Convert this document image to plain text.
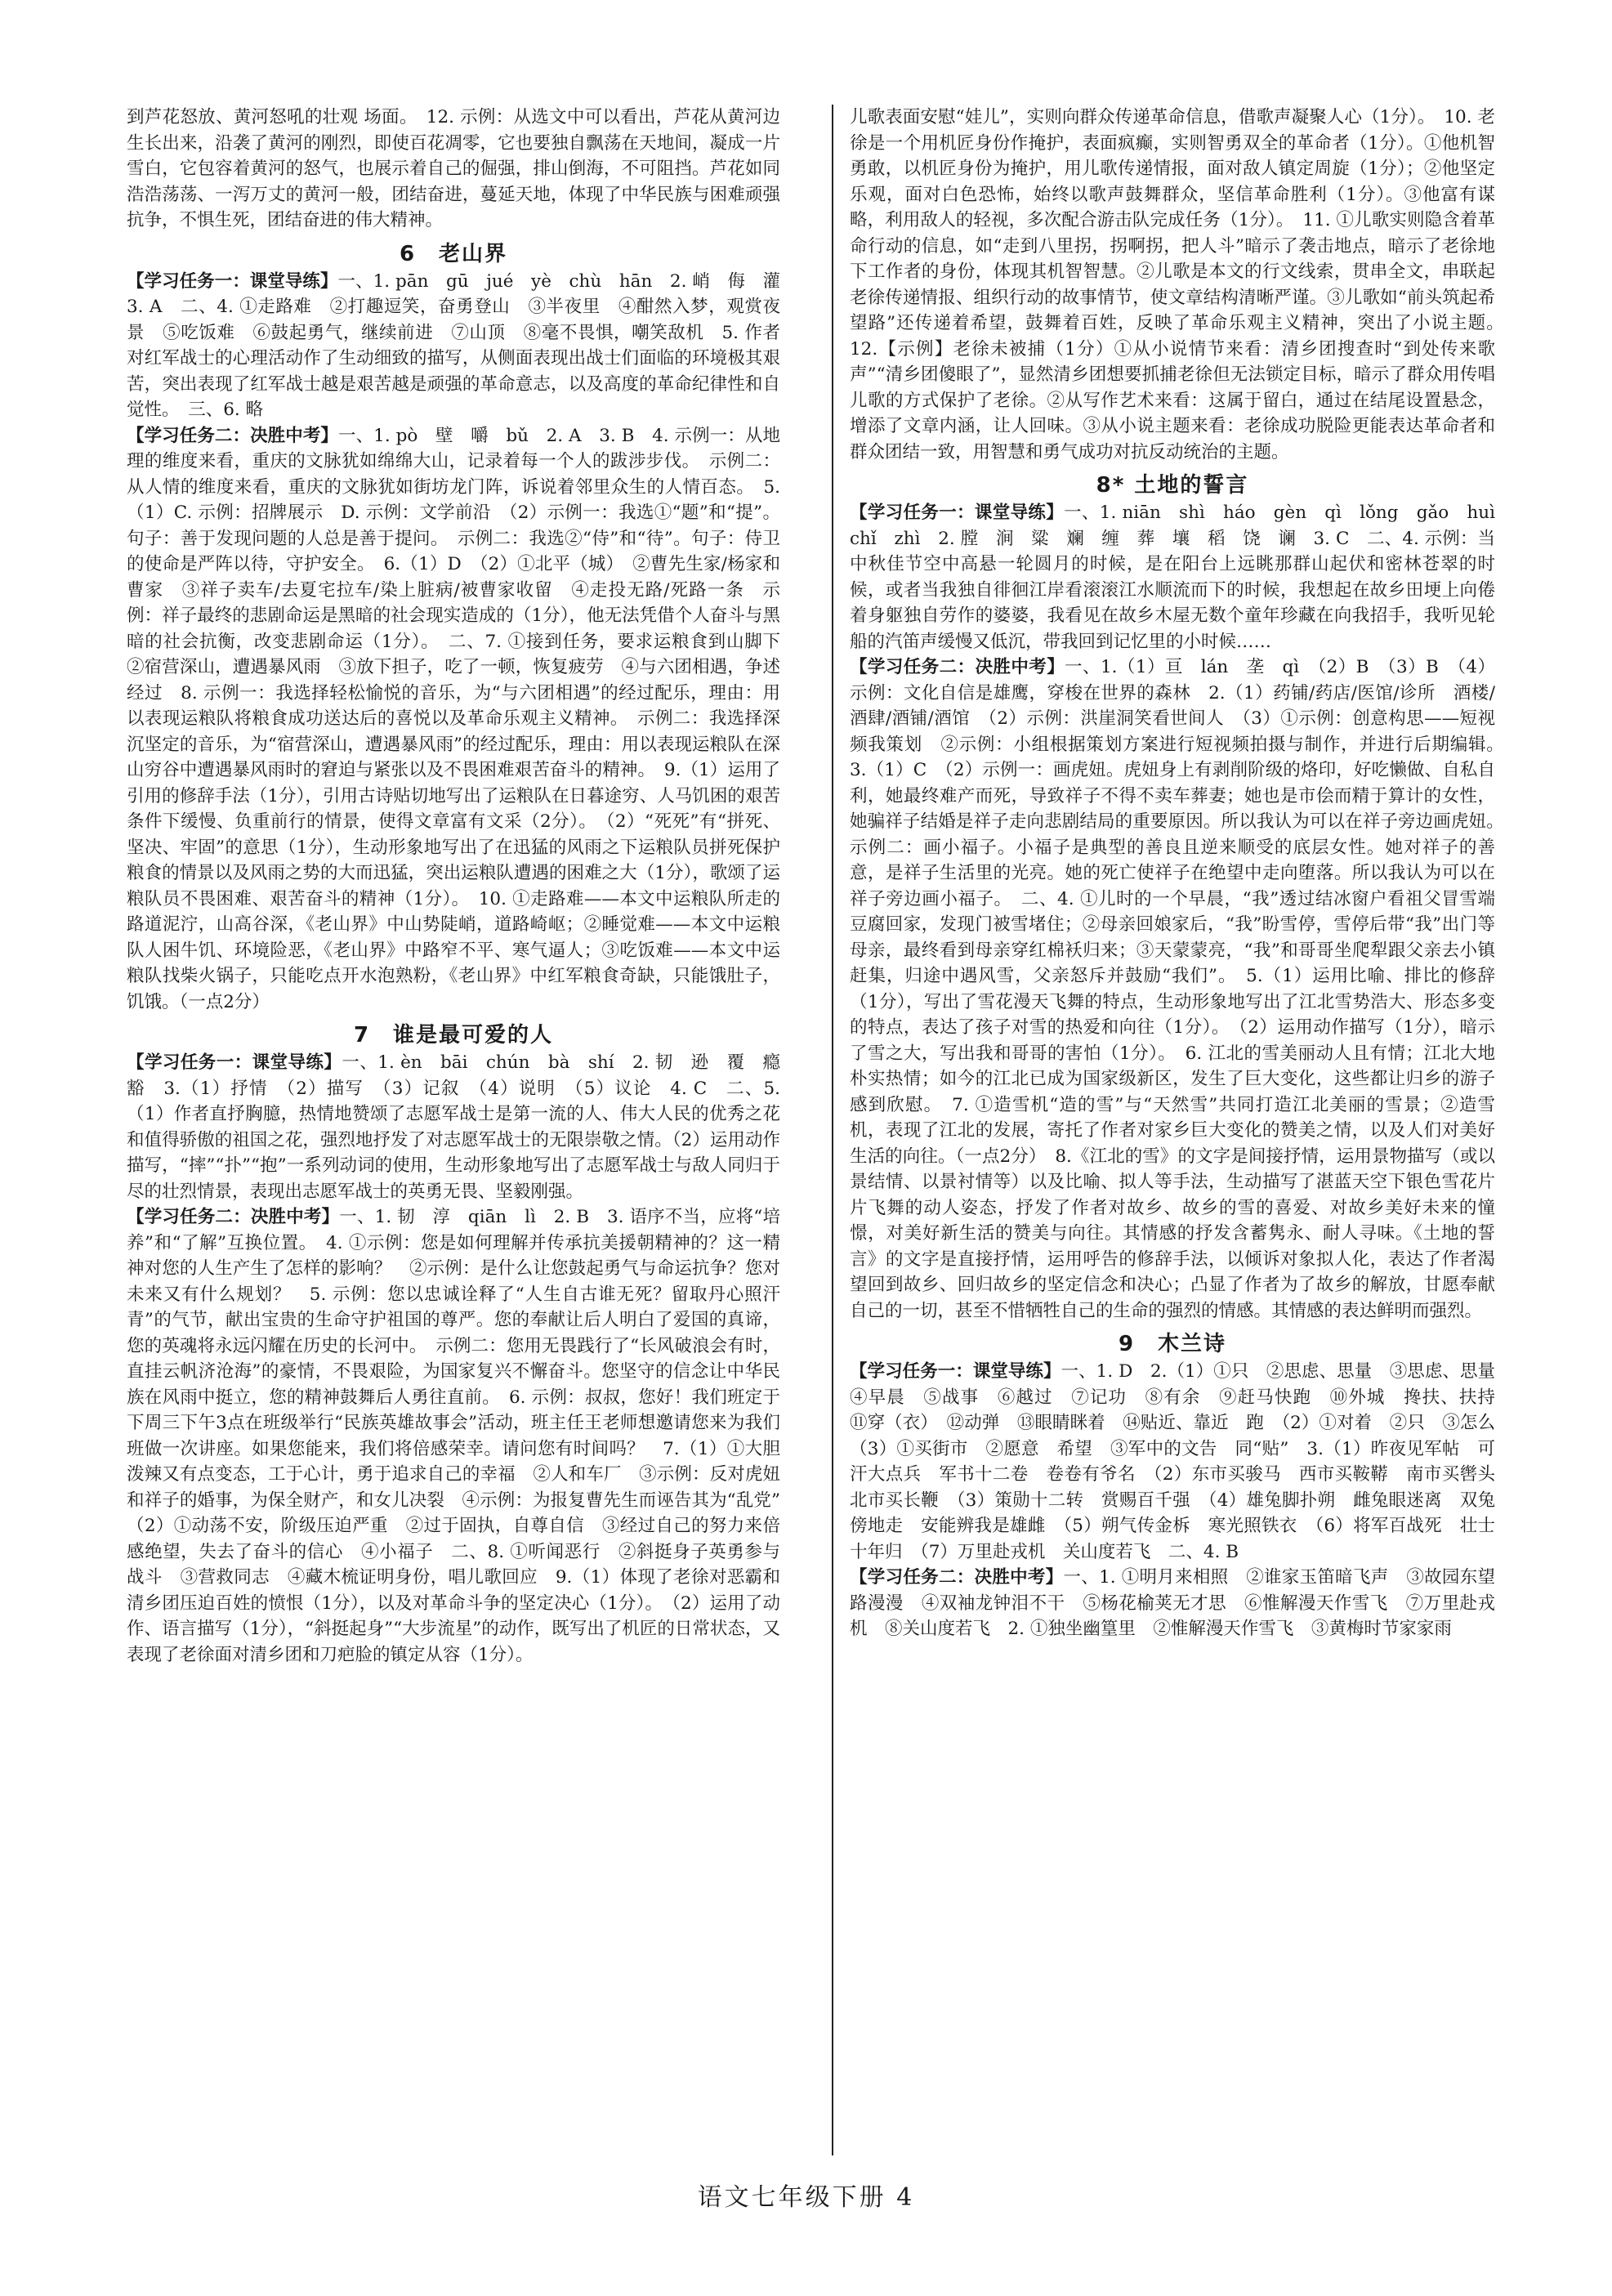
到芦花怒放、黄河怒吼的壮观 场面。　12. 示例：从选文中可以看出，芦花从黄河边生长出来，沿袭了黄河的刚烈，即使百花凋零，它也要独自飘荡在天地间，凝成一片雪白，它包容着黄河的怒气，也展示着自己的倔强，排山倒海，不可阻挡。芦花如同浩浩荡荡、一泻万丈的黄河一般，团结奋进，蔓延天地，体现了中华民族与困难顽强抗争，不惧生死，团结奋进的伟大精神。

6　老山界

【学习任务一：课堂导练】一、1. pān　gū　jué　yè　chù　hān　2. 峭　侮　灌　3. A　二、4. ①走路难　②打趣逗笑，奋勇登山　③半夜里　④酣然入梦，观赏夜景　⑤吃饭难　⑥鼓起勇气，继续前进　⑦山顶　⑧毫不畏惧，嘲笑敌机　5. 作者对红军战士的心理活动作了生动细致的描写，从侧面表现出战士们面临的环境极其艰苦，突出表现了红军战士越是艰苦越是顽强的革命意志，以及高度的革命纪律性和自觉性。　三、6. 略

【学习任务二：决胜中考】一、1. pò　壁　嚼　bǔ　2. A　3. B　4. 示例一：从地理的维度来看，重庆的文脉犹如绵绵大山，记录着每一个人的跋涉步伐。　示例二：从人情的维度来看，重庆的文脉犹如街坊龙门阵，诉说着邻里众生的人情百态。　5.（1）C. 示例：招牌展示　D. 示例：文学前沿　（2）示例一：我选①“题”和“提”。句子：善于发现问题的人总是善于提问。　示例二：我选②“侍”和“待”。句子：侍卫的使命是严阵以待，守护安全。　6.（1）D　（2）①北平（城）　②曹先生家/杨家和曹家　③祥子卖车/去夏宅拉车/染上脏病/被曹家收留　④走投无路/死路一条　示例：祥子最终的悲剧命运是黑暗的社会现实造成的（1分），他无法凭借个人奋斗与黑暗的社会抗衡，改变悲剧命运（1分）。　二、7. ①接到任务，要求运粮食到山脚下　②宿营深山，遭遇暴风雨　③放下担子，吃了一顿，恢复疲劳　④与六团相遇，争述经过　8. 示例一：我选择轻松愉悦的音乐，为“与六团相遇”的经过配乐，理由：用以表现运粮队将粮食成功送达后的喜悦以及革命乐观主义精神。　示例二：我选择深沉坚定的音乐，为“宿营深山，遭遇暴风雨”的经过配乐，理由：用以表现运粮队在深山穷谷中遭遇暴风雨时的窘迫与紧张以及不畏困难艰苦奋斗的精神。　9.（1）运用了引用的修辞手法（1分），引用古诗贴切地写出了运粮队在日暮途穷、人马饥困的艰苦条件下缓慢、负重前行的情景，使得文章富有文采（2分）。　（2）“死死”有“拼死、坚决、牢固”的意思（1分），生动形象地写出了在迅猛的风雨之下运粮队员拼死保护粮食的情景以及风雨之势的大而迅猛，突出运粮队遭遇的困难之大（1分），歌颂了运粮队员不畏困难、艰苦奋斗的精神（1分）。　10. ①走路难——本文中运粮队所走的路道泥泞，山高谷深，《老山界》中山势陡峭，道路崎岖；②睡觉难——本文中运粮队人困牛饥、环境险恶，《老山界》中路窄不平、寒气逼人；③吃饭难——本文中运粮队找柴火锅子，只能吃点开水泡熟粉，《老山界》中红军粮食奇缺，只能饿肚子，饥饿。（一点2分）

7　谁是最可爱的人

【学习任务一：课堂导练】一、1. èn　bāi　chún　bà　shí　2. 韧　逊　覆　瘾　豁　3.（1）抒情　（2）描写　（3）记叙　（4）说明　（5）议论　4. C　二、5.（1）作者直抒胸臆，热情地赞颂了志愿军战士是第一流的人、伟大人民的优秀之花和值得骄傲的祖国之花，强烈地抒发了对志愿军战士的无限崇敬之情。（2）运用动作描写，“摔”“扑”“抱”一系列动词的使用，生动形象地写出了志愿军战士与敌人同归于尽的壮烈情景，表现出志愿军战士的英勇无畏、坚毅刚强。

【学习任务二：决胜中考】一、1. 韧　淳　qiān　lì　2. B　3. 语序不当，应将“培养”和“了解”互换位置。　4. ①示例：您是如何理解并传承抗美援朝精神的？这一精神对您的人生产生了怎样的影响？　②示例：是什么让您鼓起勇气与命运抗争？您对未来又有什么规划？　5. 示例：您以忠诚诠释了“人生自古谁无死？留取丹心照汗青”的气节，献出宝贵的生命守护祖国的尊严。您的奉献让后人明白了爱国的真谛，您的英魂将永远闪耀在历史的长河中。　示例二：您用无畏践行了“长风破浪会有时，直挂云帆济沧海”的豪情，不畏艰险，为国家复兴不懈奋斗。您坚守的信念让中华民族在风雨中挺立，您的精神鼓舞后人勇往直前。　6. 示例：叔叔，您好！我们班定于下周三下午3点在班级举行“民族英雄故事会”活动，班主任王老师想邀请您来为我们班做一次讲座。如果您能来，我们将倍感荣幸。请问您有时间吗？　7.（1）①大胆泼辣又有点变态，工于心计，勇于追求自己的幸福　②人和车厂　③示例：反对虎妞和祥子的婚事，为保全财产，和女儿决裂　④示例：为报复曹先生而诬告其为“乱党”　（2）①动荡不安，阶级压迫严重　②过于固执，自尊自信　③经过自己的努力来倍感绝望，失去了奋斗的信心　④小福子　二、8. ①听闻恶行　②斜挺身子英勇参与战斗　③营救同志　④藏木梳证明身份，唱儿歌回应　9.（1）体现了老徐对恶霸和清乡团压迫百姓的愤恨（1分），以及对革命斗争的坚定决心（1分）。　（2）运用了动作、语言描写（1分），“斜挺起身”“大步流星”的动作，既写出了机匠的日常状态，又表现了老徐面对清乡团和刀疤脸的镇定从容（1分）。

儿歌表面安慰“娃儿”，实则向群众传递革命信息，借歌声凝聚人心（1分）。　10. 老徐是一个用机匠身份作掩护，表面疯癫，实则智勇双全的革命者（1分）。①他机智勇敢，以机匠身份为掩护，用儿歌传递情报，面对敌人镇定周旋（1分）；②他坚定乐观，面对白色恐怖，始终以歌声鼓舞群众，坚信革命胜利（1分）。③他富有谋略，利用敌人的轻视，多次配合游击队完成任务（1分）。　11. ①儿歌实则隐含着革命行动的信息，如“走到八里拐，拐啊拐，把人斗”暗示了袭击地点，暗示了老徐地下工作者的身份，体现其机智智慧。②儿歌是本文的行文线索，贯串全文，串联起老徐传递情报、组织行动的故事情节，使文章结构清晰严谨。③儿歌如“前头筑起希望路”还传递着希望，鼓舞着百姓，反映了革命乐观主义精神，突出了小说主题。　12.【示例】老徐未被捕（1分）①从小说情节来看：清乡团搜查时“到处传来歌声”“清乡团傻眼了”，显然清乡团想要抓捕老徐但无法锁定目标，暗示了群众用传唱儿歌的方式保护了老徐。②从写作艺术来看：这属于留白，通过在结尾设置悬念，增添了文章内涵，让人回味。③从小说主题来看：老徐成功脱险更能表达革命者和群众团结一致，用智慧和勇气成功对抗反动统治的主题。

8* 土地的誓言

【学习任务一：课堂导练】一、1. niān　shì　háo　gèn　qì　lǒng　gǎo　huì　chǐ　zhì　2. 膛　涧　粱　斓　缠　葬　壤　稻　饶　谰　3. C　二、4. 示例：当中秋佳节空中高悬一轮圆月的时候，是在阳台上远眺那群山起伏和密林苍翠的时候，或者当我独自徘徊江岸看滚滚江水顺流而下的时候，我想起在故乡田埂上向倦着身躯独自劳作的婆婆，我看见在故乡木屋无数个童年珍藏在向我招手，我听见轮船的汽笛声缓慢又低沉，带我回到记忆里的小时候……

【学习任务二：决胜中考】一、1.（1）亘　lán　垄　qì　（2）B　（3）B　（4）示例：文化自信是雄鹰，穿梭在世界的森林　2.（1）药铺/药店/医馆/诊所　酒楼/酒肆/酒铺/酒馆　（2）示例：洪崖洞笑看世间人　（3）①示例：创意构思——短视频我策划　②示例：小组根据策划方案进行短视频拍摄与制作，并进行后期编辑。　3.（1）C　（2）示例一：画虎妞。虎妞身上有剥削阶级的烙印，好吃懒做、自私自利，她最终难产而死，导致祥子不得不卖车葬妻；她也是市侩而精于算计的女性，她骗祥子结婚是祥子走向悲剧结局的重要原因。所以我认为可以在祥子旁边画虎妞。　示例二：画小福子。小福子是典型的善良且逆来顺受的底层女性。她对祥子的善意，是祥子生活里的光亮。她的死亡使祥子在绝望中走向堕落。所以我认为可以在祥子旁边画小福子。　二、4. ①儿时的一个早晨，“我”透过结冰窗户看祖父冒雪端豆腐回家，发现门被雪堵住；②母亲回娘家后，“我”盼雪停，雪停后带“我”出门等母亲，最终看到母亲穿红棉袄归来；③天蒙蒙亮，“我”和哥哥坐爬犁跟父亲去小镇赶集，归途中遇风雪，父亲怒斥并鼓励“我们”。　5.（1）运用比喻、排比的修辞（1分），写出了雪花漫天飞舞的特点，生动形象地写出了江北雪势浩大、形态多变的特点，表达了孩子对雪的热爱和向往（1分）。　（2）运用动作描写（1分），暗示了雪之大，写出我和哥哥的害怕（1分）。　6. 江北的雪美丽动人且有情；江北大地朴实热情；如今的江北已成为国家级新区，发生了巨大变化，这些都让归乡的游子感到欣慰。　7. ①造雪机“造的雪”与“天然雪”共同打造江北美丽的雪景；②造雪机，表现了江北的发展，寄托了作者对家乡巨大变化的赞美之情，以及人们对美好生活的向往。（一点2分）　8.《江北的雪》的文字是间接抒情，运用景物描写（或以景结情、以景衬情等）以及比喻、拟人等手法，生动描写了湛蓝天空下银色雪花片片飞舞的动人姿态，抒发了作者对故乡、故乡的雪的喜爱、对故乡美好未来的憧憬，对美好新生活的赞美与向往。其情感的抒发含蓄隽永、耐人寻味。《土地的誓言》的文字是直接抒情，运用呼告的修辞手法，以倾诉对象拟人化，表达了作者渴望回到故乡、回归故乡的坚定信念和决心；凸显了作者为了故乡的解放，甘愿奉献自己的一切，甚至不惜牺牲自己的生命的强烈的情感。其情感的表达鲜明而强烈。

9　木兰诗

【学习任务一：课堂导练】一、1. D　2.（1）①只　②思虑、思量　③思虑、思量　④早晨　⑤战事　⑥越过　⑦记功　⑧有余　⑨赶马快跑　⑩外城　搀扶、扶持　⑪穿（衣）　⑫动弹　⑬眼睛眯着　⑭贴近、靠近　跑　（2）①对着　②只　③怎么　（3）①买街市　②愿意　希望　③军中的文告　同“贴”　3.（1）昨夜见军帖　可汗大点兵　军书十二卷　卷卷有爷名　（2）东市买骏马　西市买鞍鞯　南市买辔头　北市买长鞭　（3）策勋十二转　赏赐百千强　（4）雄兔脚扑朔　雌兔眼迷离　双兔傍地走　安能辨我是雄雌　（5）朔气传金柝　寒光照铁衣　（6）将军百战死　壮士十年归　（7）万里赴戎机　关山度若飞　二、4. B

【学习任务二：决胜中考】一、1. ①明月来相照　②谁家玉笛暗飞声　③故园东望路漫漫　④双袖龙钟泪不干　⑤杨花榆荚无才思　⑥惟解漫天作雪飞　⑦万里赴戎机　⑧关山度若飞　2. ①独坐幽篁里　②惟解漫天作雪飞　③黄梅时节家家雨

语文七年级下册 4
